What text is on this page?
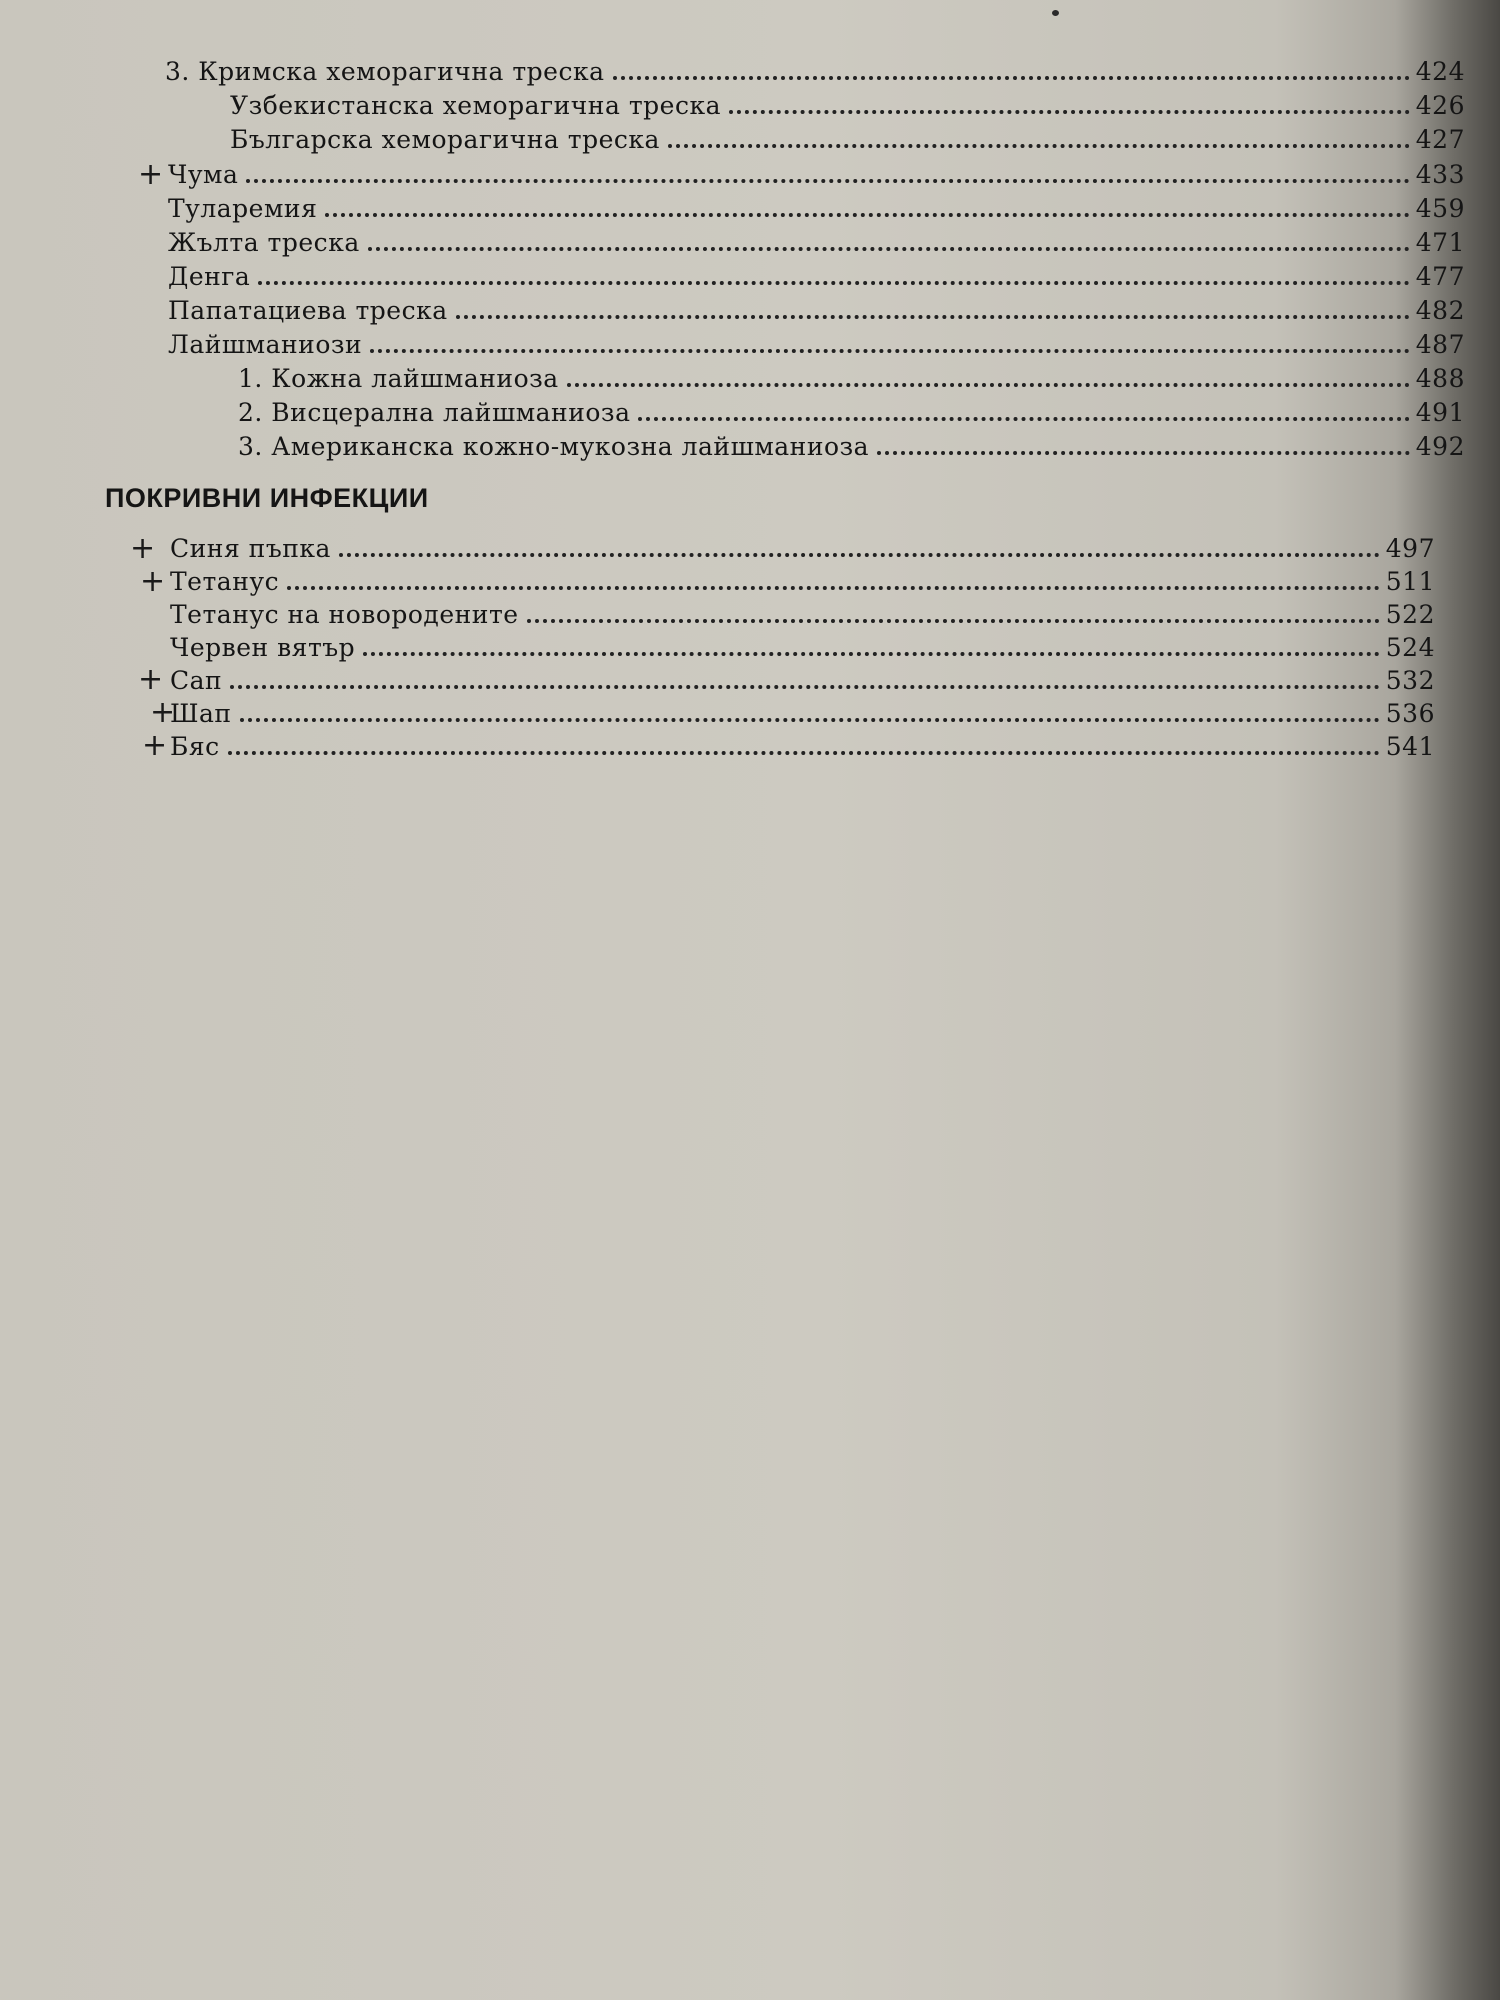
3. Кримска хеморагична треска	424
Узбекистанска хеморагична треска	426
Българска хеморагична треска	427
+ Чума	433
Туларемия	459
Жълта треска	471
Денга	477
Папатациева треска	482
Лайшманиози	487
1. Кожна лайшманиоза	488
2. Висцерална лайшманиоза	491
3. Американска кожно-мукозна лайшманиоза	492
ПОКРИВНИ ИНФЕКЦИИ
+ Синя пъпка	497
+ Тетанус	511
Тетанус на новородените	522
Червен вятър	524
+ Сап	532
+
Шап	536
+ Бяс	541
